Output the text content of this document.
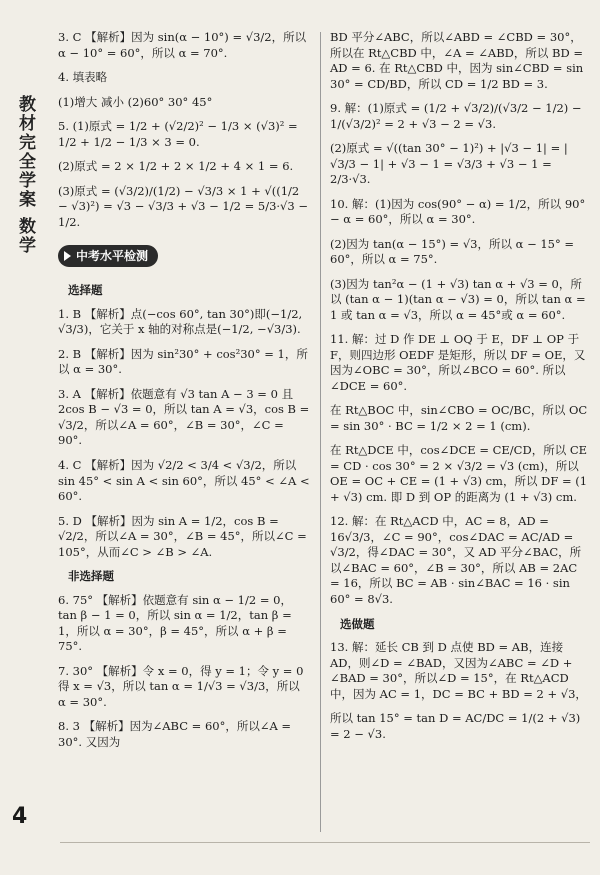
教材完全学案 数学

3. C 【解析】因为 sin(α − 10°) = √3/2，所以 α − 10° = 60°，所以 α = 70°.

4. 填表略

(1)增大 减小 (2)60° 30° 45°

5. (1)原式 = 1/2 + (√2/2)² − 1/3 × (√3)² = 1/2 + 1/2 − 1/3 × 3 = 0.

(2)原式 = 2 × 1/2 + 2 × 1/2 + 4 × 1 = 6.

(3)原式 = (√3/2)/(1/2) − √3/3 × 1 + √((1/2 − √3)²) = √3 − √3/3 + √3 − 1/2 = 5/3·√3 − 1/2.

中考水平检测
选择题

1. B 【解析】点(−cos 60°, tan 30°)即(−1/2, √3/3)，它关于 x 轴的对称点是(−1/2, −√3/3).

2. B 【解析】因为 sin²30° + cos²30° = 1，所以 α = 30°.

3. A 【解析】依题意有 √3 tan A − 3 = 0 且 2cos B − √3 = 0，所以 tan A = √3，cos B = √3/2，所以∠A = 60°，∠B = 30°，∠C = 90°.

4. C 【解析】因为 √2/2 < 3/4 < √3/2，所以 sin 45° < sin A < sin 60°，所以 45° < ∠A < 60°.

5. D 【解析】因为 sin A = 1/2，cos B = √2/2，所以∠A = 30°，∠B = 45°，所以∠C = 105°，从而∠C > ∠B > ∠A.

非选择题

6. 75° 【解析】依题意有 sin α − 1/2 = 0，tan β − 1 = 0，所以 sin α = 1/2，tan β = 1，所以 α = 30°，β = 45°，所以 α + β = 75°.

7. 30° 【解析】令 x = 0，得 y = 1；令 y = 0 得 x = √3，所以 tan α = 1/√3 = √3/3，所以 α = 30°.

8. 3 【解析】因为∠ABC = 60°，所以∠A = 30°. 又因为

BD 平分∠ABC，所以∠ABD = ∠CBD = 30°，所以在 Rt△CBD 中，∠A = ∠ABD，所以 BD = AD = 6. 在 Rt△CBD 中，因为 sin∠CBD = sin 30° = CD/BD，所以 CD = 1/2 BD = 3.

9. 解：(1)原式 = (1/2 + √3/2)/(√3/2 − 1/2) − 1/(√3/2)² = 2 + √3 − 2 = √3.

(2)原式 = √((tan 30° − 1)²) + |√3 − 1| = |√3/3 − 1| + √3 − 1 = √3/3 + √3 − 1 = 2/3·√3.

10. 解：(1)因为 cos(90° − α) = 1/2，所以 90° − α = 60°，所以 α = 30°.

(2)因为 tan(α − 15°) = √3，所以 α − 15° = 60°，所以 α = 75°.

(3)因为 tan²α − (1 + √3) tan α + √3 = 0，所以 (tan α − 1)(tan α − √3) = 0，所以 tan α = 1 或 tan α = √3，所以 α = 45°或 α = 60°.

11. 解：过 D 作 DE ⊥ OQ 于 E，DF ⊥ OP 于 F，则四边形 OEDF 是矩形，所以 DF = OE，又因为∠OBC = 30°，所以∠BCO = 60°. 所以∠DCE = 60°.

在 Rt△BOC 中，sin∠CBO = OC/BC，所以 OC = sin 30° · BC = 1/2 × 2 = 1 (cm).

在 Rt△DCE 中，cos∠DCE = CE/CD，所以 CE = CD · cos 30° = 2 × √3/2 = √3 (cm)，所以 OE = OC + CE = (1 + √3) cm，所以 DF = (1 + √3) cm. 即 D 到 OP 的距离为 (1 + √3) cm.

12. 解：在 Rt△ACD 中，AC = 8，AD = 16√3/3，∠C = 90°，cos∠DAC = AC/AD = √3/2，得∠DAC = 30°，又 AD 平分∠BAC，所以∠BAC = 60°，∠B = 30°，所以 AB = 2AC = 16，所以 BC = AB · sin∠BAC = 16 · sin 60° = 8√3.

选做题

13. 解：延长 CB 到 D 点使 BD = AB，连接 AD，则∠D = ∠BAD，又因为∠ABC = ∠D + ∠BAD = 30°，所以∠D = 15°，在 Rt△ACD 中，因为 AC = 1，DC = BC + BD = 2 + √3，

所以 tan 15° = tan D = AC/DC = 1/(2 + √3) = 2 − √3.

4
